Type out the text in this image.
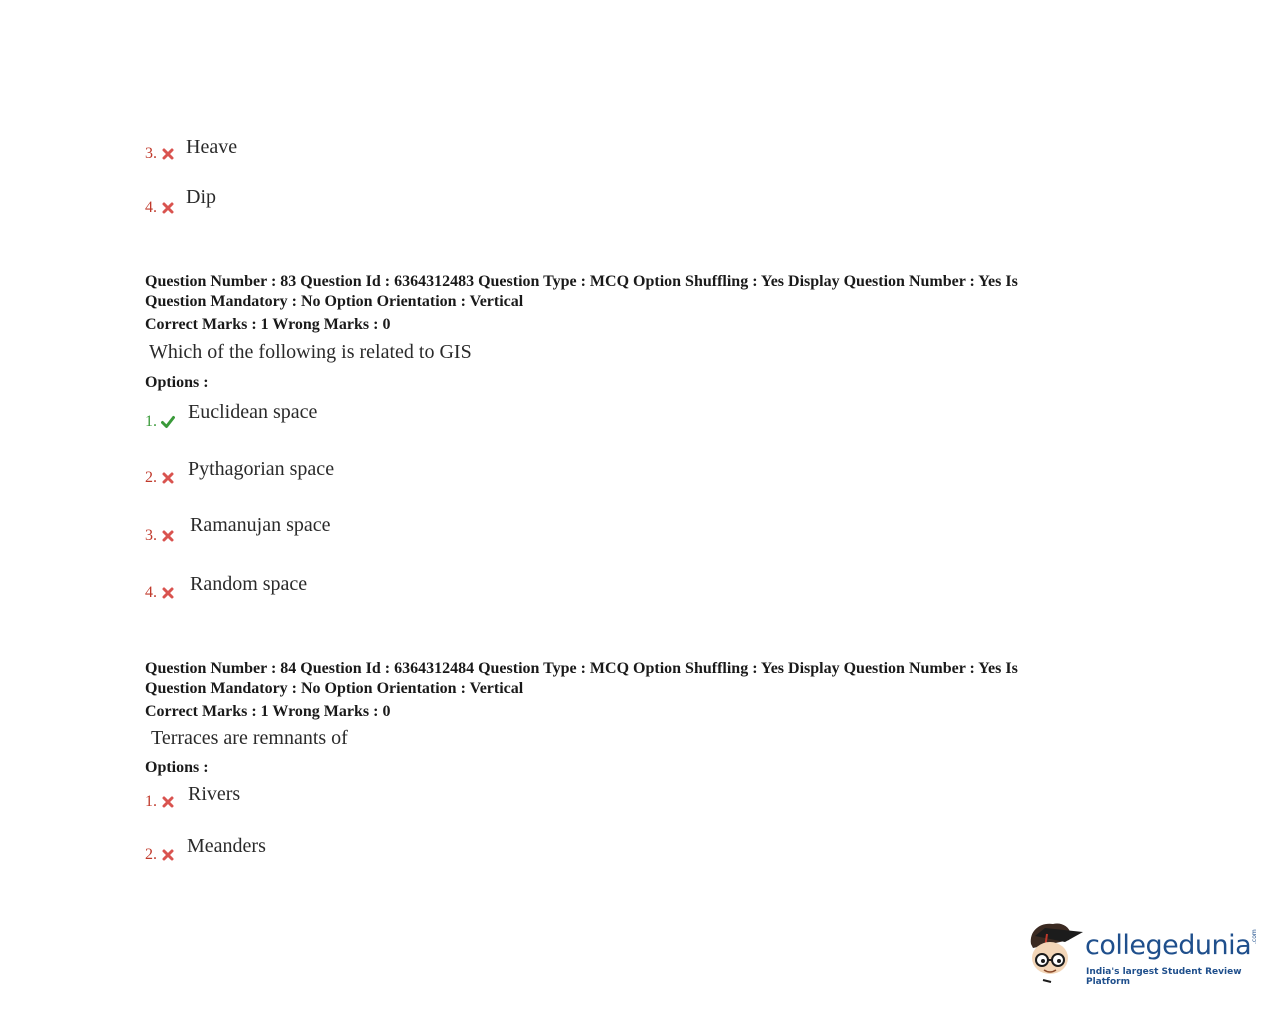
3.	Heave
4.	Dip
Question Number : 83 Question Id : 6364312483 Question Type : MCQ Option Shuffling : Yes Display Question Number : Yes Is
Question Mandatory : No Option Orientation : Vertical
Correct Marks : 1 Wrong Marks : 0
Which of the following is related to GIS
Options :
1.	Euclidean space
2.	Pythagorian space
3.	Ramanujan space
4.	Random space
Question Number : 84 Question Id : 6364312484 Question Type : MCQ Option Shuffling : Yes Display Question Number : Yes Is
Question Mandatory : No Option Orientation : Vertical
Correct Marks : 1 Wrong Marks : 0
Terraces are remnants of
Options :
1.	Rivers
2.	Meanders
collegedunia .com
India's largest Student Review Platform
